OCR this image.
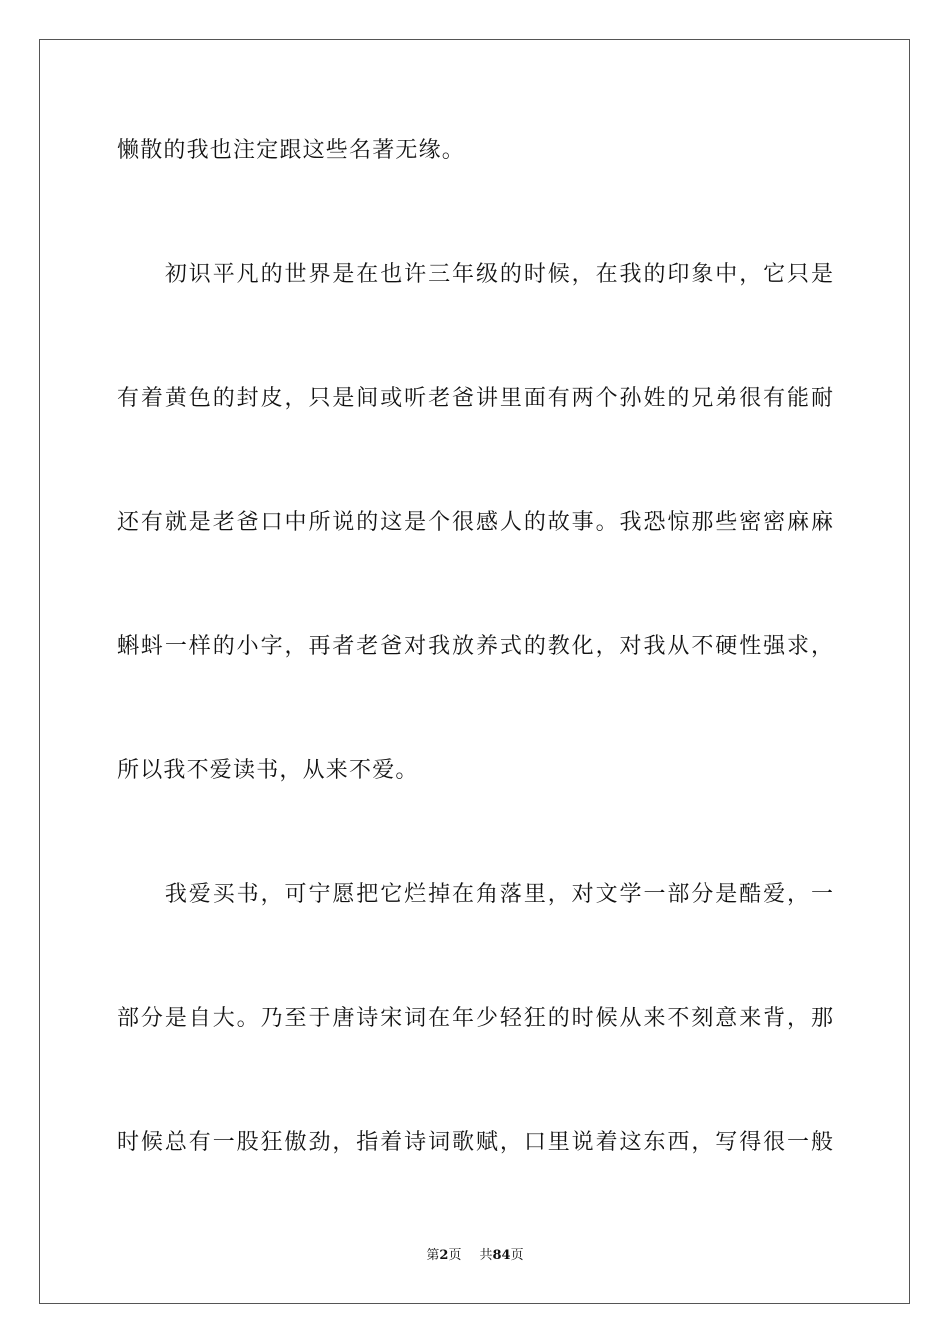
懒散的我也注定跟这些名著无缘。
　　初识平凡的世界是在也许三年级的时候，在我的印象中，它只是
有着黄色的封皮，只是间或听老爸讲里面有两个孙姓的兄弟很有能耐
还有就是老爸口中所说的这是个很感人的故事。我恐惊那些密密麻麻
蝌蚪一样的小字，再者老爸对我放养式的教化，对我从不硬性强求，
所以我不爱读书，从来不爱。
　　我爱买书，可宁愿把它烂掉在角落里，对文学一部分是酷爱，一
部分是自大。乃至于唐诗宋词在年少轻狂的时候从来不刻意来背，那
时候总有一股狂傲劲，指着诗词歌赋，口里说着这东西，写得很一般
第2页 共84页
